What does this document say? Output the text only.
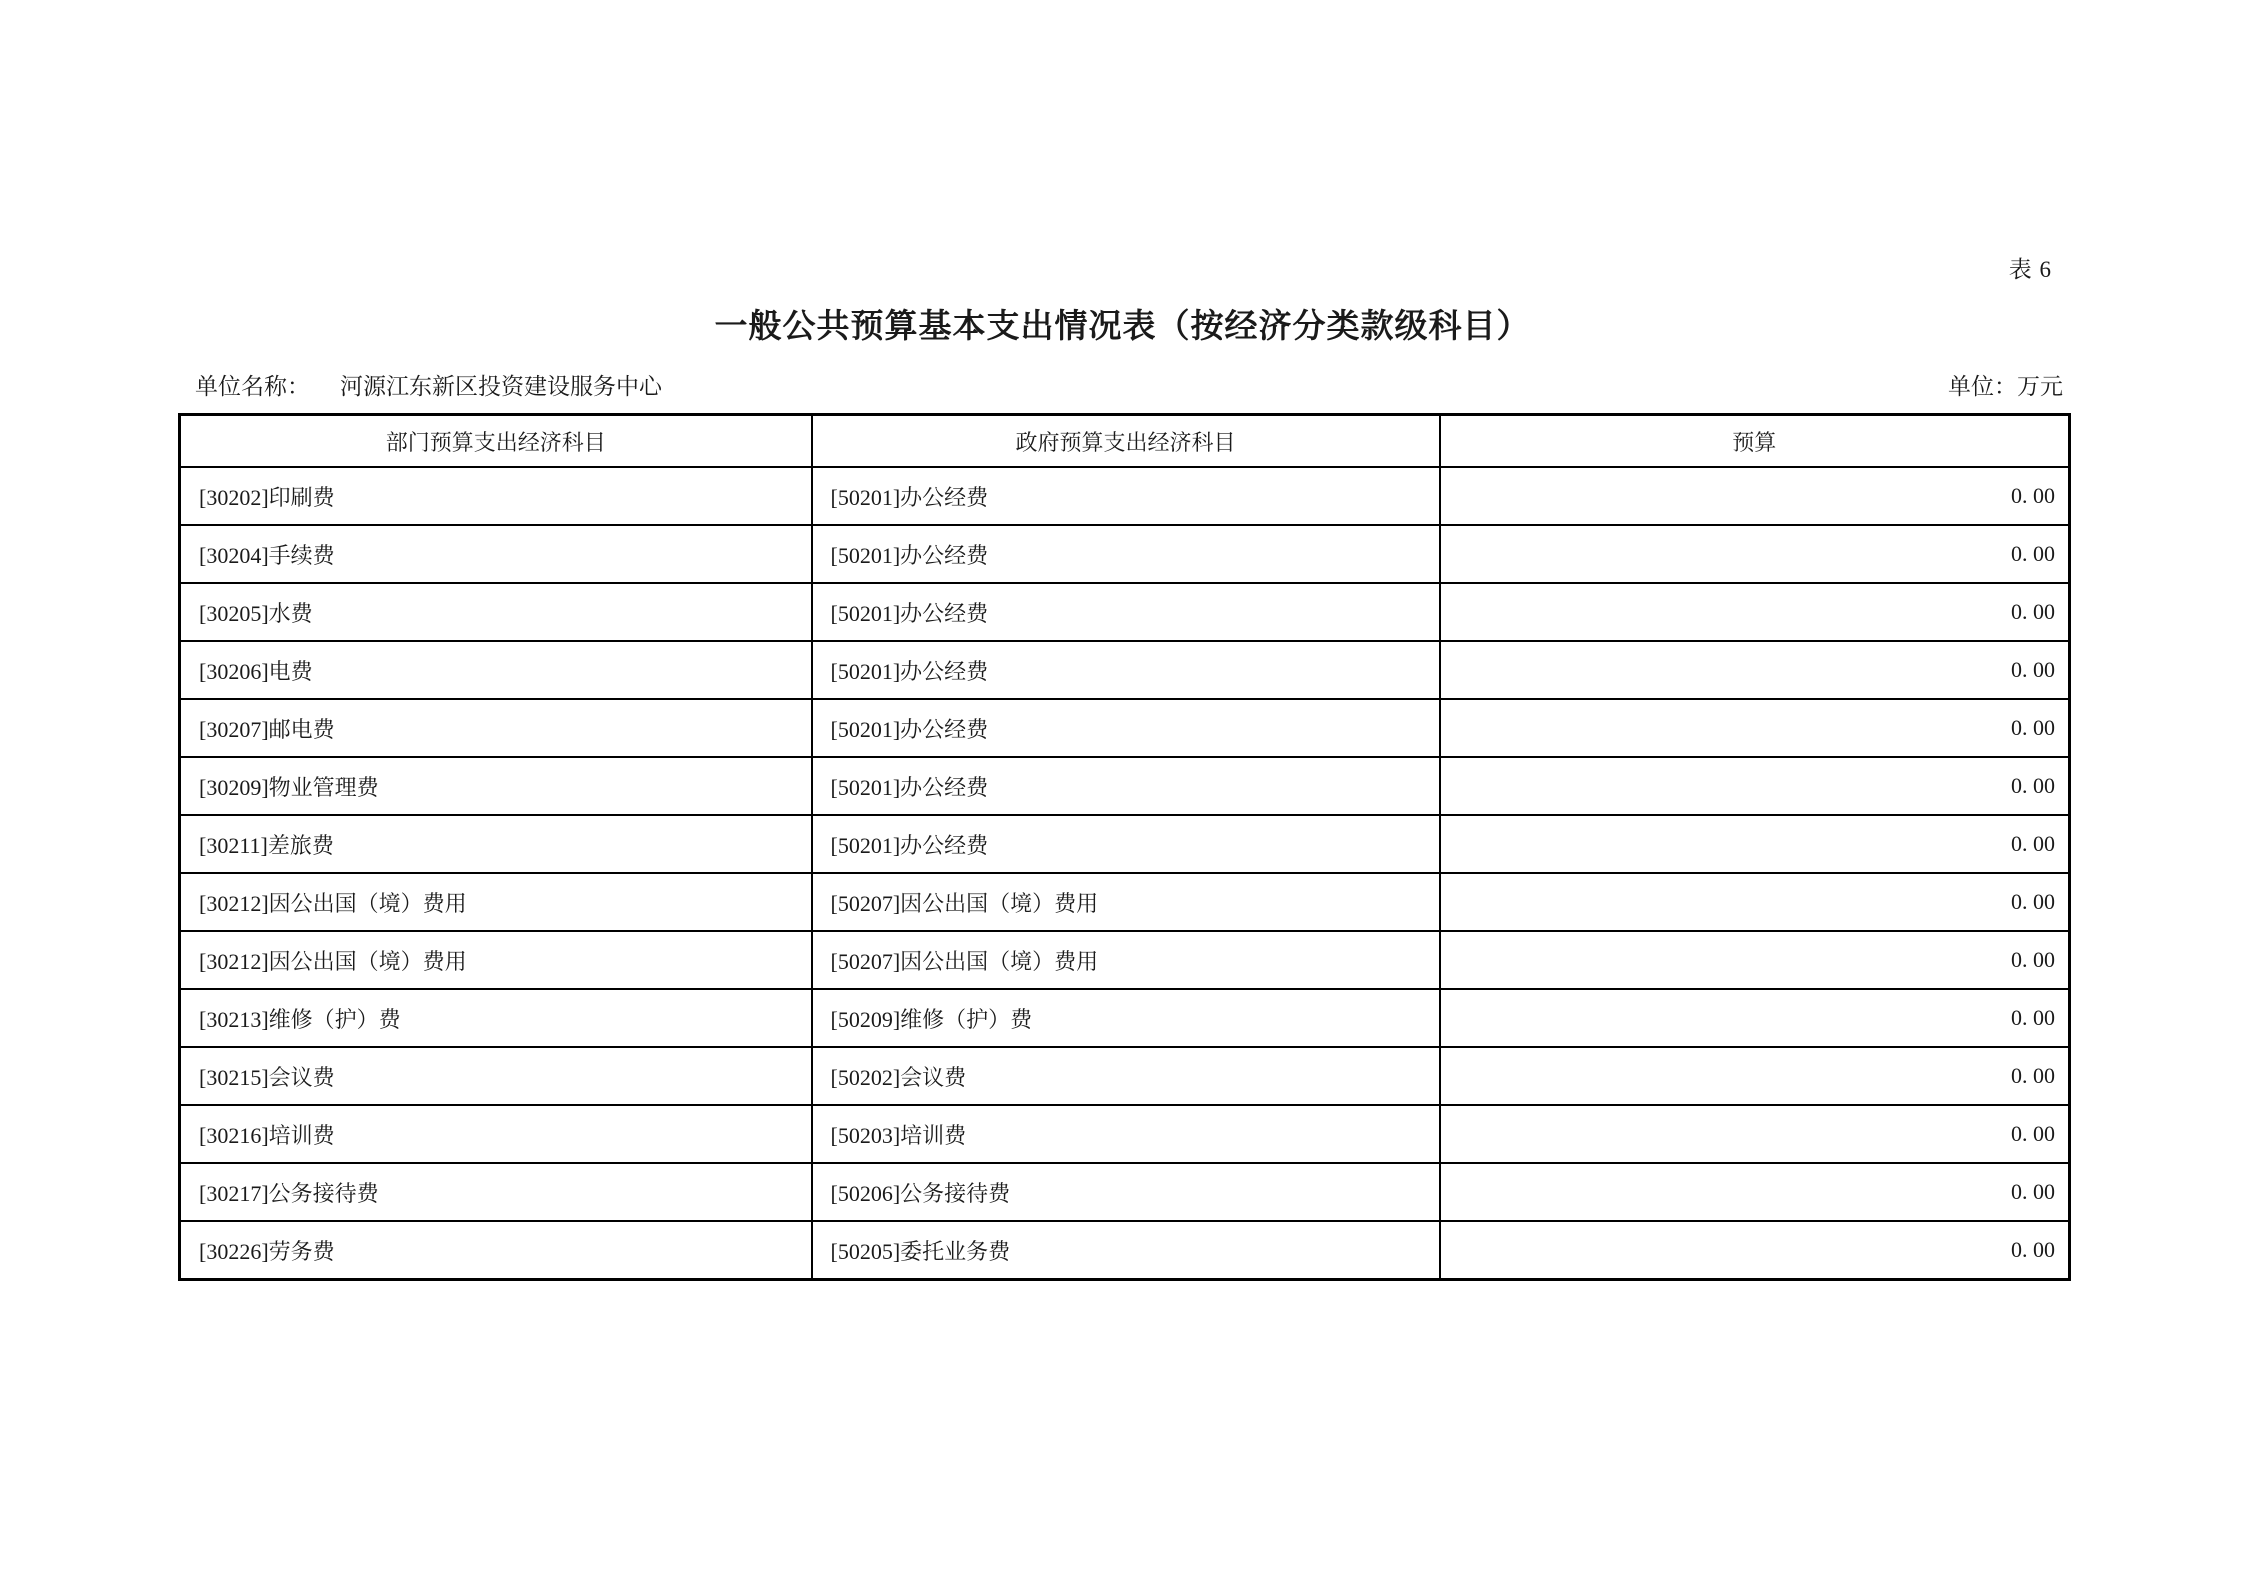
表 6
一般公共预算基本支出情况表（按经济分类款级科目）
单位名称： 河源江东新区投资建设服务中心	单位：万元
部门预算支出经济科目	政府预算支出经济科目	预算
[30202]印刷费	[50201]办公经费	0. 00
[30204]手续费	[50201]办公经费	0. 00
[30205]水费	[50201]办公经费	0. 00
[30206]电费	[50201]办公经费	0. 00
[30207]邮电费	[50201]办公经费	0. 00
[30209]物业管理费	[50201]办公经费	0. 00
[30211]差旅费	[50201]办公经费	0. 00
[30212]因公出国（境）费用	[50207]因公出国（境）费用	0. 00
[30212]因公出国（境）费用	[50207]因公出国（境）费用	0. 00
[30213]维修（护）费	[50209]维修（护）费	0. 00
[30215]会议费	[50202]会议费	0. 00
[30216]培训费	[50203]培训费	0. 00
[30217]公务接待费	[50206]公务接待费	0. 00
[30226]劳务费	[50205]委托业务费	0. 00
